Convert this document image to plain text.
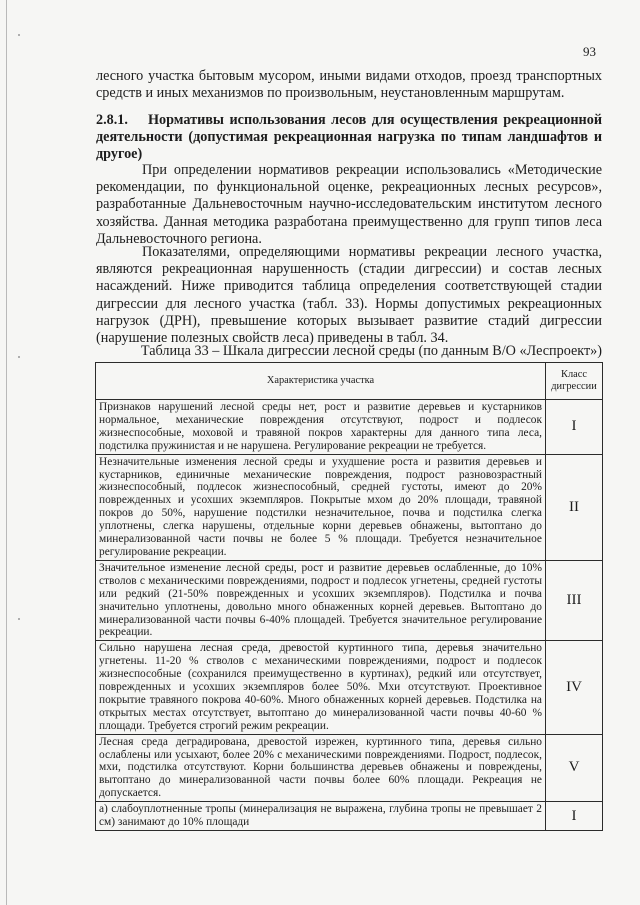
93

лесного участка бытовым мусором, иными видами отходов, проезд транспортных средств и иных механизмов по произвольным, неустановленным маршрутам.

2.8.1. Нормативы использования лесов для осуществления рекреационной деятельности (допустимая рекреационная нагрузка по типам ландшафтов и другое)

При определении нормативов рекреации использовались «Методические рекомендации, по функциональной оценке, рекреационных лесных ресурсов», разработанные Дальневосточным научно-исследовательским институтом лесного хозяйства. Данная методика разработана преимущественно для групп типов леса Дальневосточного региона.

Показателями, определяющими нормативы рекреации лесного участка, являются рекреационная нарушенность (стадии дигрессии) и состав лесных насаждений. Ниже приводится таблица определения соответствующей стадии дигрессии для лесного участка (табл. 33). Нормы допустимых рекреационных нагрузок (ДРН), превышение которых вызывает развитие стадий дигрессии (нарушение полезных свойств леса) приведены в табл. 34.

Таблица 33 – Шкала дигрессии лесной среды (по данным В/О «Леспроект»)
Характеристика участка	Класс дигрессии
Признаков нарушений лесной среды нет, рост и развитие деревьев и кустарников нормальное, механические повреждения отсутствуют, подрост и подлесок жизнеспособные, моховой и травяной покров характерны для данного типа леса, подстилка пружинистая и не нарушена. Регулирование рекреации не требуется.	I
Незначительные изменения лесной среды и ухудшение роста и развития деревьев и кустарников, единичные механические повреждения, подрост разновозрастный жизнеспособный, подлесок жизнеспособный, средней густоты, имеют до 20% поврежденных и усохших экземпляров. Покрытые мхом до 20% площади, травяной покров до 50%, нарушение подстилки незначительное, почва и подстилка слегка уплотнены, слегка нарушены, отдельные корни деревьев обнажены, вытоптано до минерализованной части почвы не более 5 % площади. Требуется незначительное регулирование рекреации.	II
Значительное изменение лесной среды, рост и развитие деревьев ослабленные, до 10% стволов с механическими повреждениями, подрост и подлесок угнетены, средней густоты или редкий (21-50% поврежденных и усохших экземпляров). Подстилка и почва значительно уплотнены, довольно много обнаженных корней деревьев. Вытоптано до минерализованной части почвы 6-40% площадей. Требуется значительное регулирование рекреации.	III
Сильно нарушена лесная среда, древостой куртинного типа, деревья значительно угнетены. 11-20 % стволов с механическими повреждениями, подрост и подлесок жизнеспособные (сохранился преимущественно в куртинах), редкий или отсутствует, поврежденных и усохших экземпляров более 50%. Мхи отсутствуют. Проективное покрытие травяного покрова 40-60%. Много обнаженных корней деревьев. Подстилка на открытых местах отсутствует, вытоптано до минерализованной части почвы 40-60 % площади. Требуется строгий режим рекреации.	IV
Лесная среда деградирована, древостой изрежен, куртинного типа, деревья сильно ослаблены или усыхают, более 20% с механическими повреждениями. Подрост, подлесок, мхи, подстилка отсутствуют. Корни большинства деревьев обнажены и повреждены, вытоптано до минерализованной части почвы более 60% площади. Рекреация не допускается.	V
а) слабоуплотненные тропы (минерализация не выражена, глубина тропы не превышает 2 см) занимают до 10% площади	I
